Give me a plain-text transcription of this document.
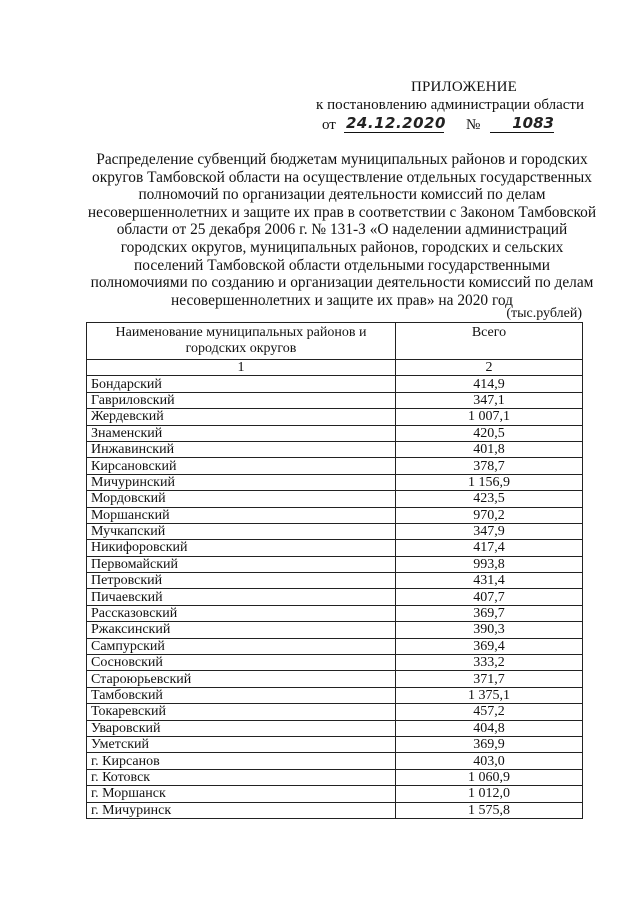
ПРИЛОЖЕНИЕ
к постановлению администрации области
от 24.12.2020 №	1083
Распределение субвенций бюджетам муниципальных районов и городских округов Тамбовской области на осуществление отдельных государственных полномочий по организации деятельности комиссий по делам несовершеннолетних и защите их прав в соответствии с Законом Тамбовской области от 25 декабря 2006 г. № 131-З «О наделении администраций городских округов, муниципальных районов, городских и сельских поселений Тамбовской области отдельными государственными полномочиями по созданию и организации деятельности комиссий по делам несовершеннолетних и защите их прав» на 2020 год
(тыс.рублей)
Наименование муниципальных районов и городских округов	Всего
1	2
Бондарский	414,9
Гавриловский	347,1
Жердевский	1 007,1
Знаменский	420,5
Инжавинский	401,8
Кирсановский	378,7
Мичуринский	1 156,9
Мордовский	423,5
Моршанский	970,2
Мучкапский	347,9
Никифоровский	417,4
Первомайский	993,8
Петровский	431,4
Пичаевский	407,7
Рассказовский	369,7
Ржаксинский	390,3
Сампурский	369,4
Сосновский	333,2
Староюрьевский	371,7
Тамбовский	1 375,1
Токаревский	457,2
Уваровский	404,8
Уметский	369,9
г. Кирсанов	403,0
г. Котовск	1 060,9
г. Моршанск	1 012,0
г. Мичуринск	1 575,8
